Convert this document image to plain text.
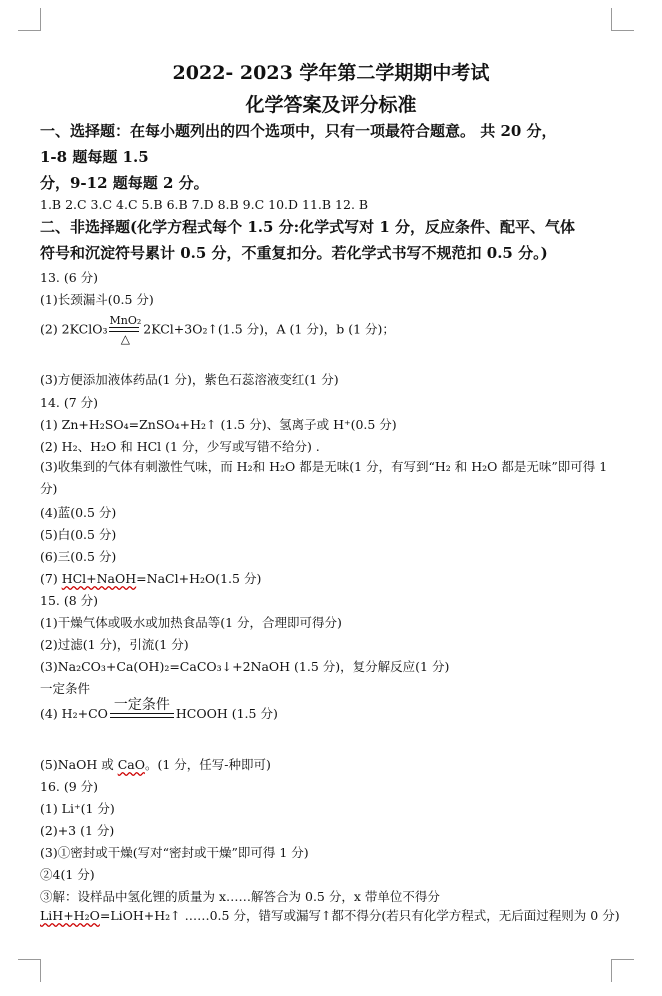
2022- 2023 学年第二学期期中考试
化学答案及评分标准
一、选择题：在每小题列出的四个选项中，只有一项最符合题意。 共 20 分，
1-8 题每题 1.5
分，9-12 题每题 2 分。
1.B 2.C 3.C 4.C 5.B 6.B 7.D 8.B 9.C 10.D 11.B 12. B
二、非选择题(化学方程式每个 1.5 分:化学式写对 1 分，反应条件、配平、气体
符号和沉淀符号累计 0.5 分，不重复扣分。若化学式书写不规范扣 0.5 分。)
13. (6 分)
(1)长颈漏斗(0.5 分)
(2) 2KClO₃
MnO₂
△
2KCl+3O₂↑(1.5 分)，A (1 分)，b (1 分)；
(3)方便添加液体药品(1 分)，紫色石蕊溶液变红(1 分)
14. (7 分)
(1) Zn+H₂SO₄=ZnSO₄+H₂↑ (1.5 分)、氢离子或 H⁺(0.5 分)
(2) H₂、H₂O 和 HCl (1 分，少写或写错不给分) .
(3)收集到的气体有刺激性气味，而 H₂和 H₂O 都是无味(1 分，有写到“H₂ 和 H₂O 都是无味”即可得 1 分)
(4)蓝(0.5 分)
(5)白(0.5 分)
(6)三(0.5 分)
(7) HCl+NaOH=NaCl+H₂O(1.5 分)
15. (8 分)
(1)干燥气体或吸水或加热食品等(1 分，合理即可得分)
(2)过滤(1 分)，引流(1 分)
(3)Na₂CO₃+Ca(OH)₂=CaCO₃↓+2NaOH (1.5 分)，复分解反应(1 分)
一定条件
(4) H₂+CO
一定条件

HCOOH (1.5 分)
(5)NaOH 或 CaO。(1 分，任写-种即可)
16. (9 分)
(1) Li⁺(1 分)
(2)+3 (1 分)
(3)①密封或干燥(写对“密封或干燥”即可得 1 分)
②4(1 分)
③解：设样品中氢化锂的质量为 x……解答合为 0.5 分，x 带单位不得分
LiH+H₂O=LiOH+H₂↑ ……0.5 分，错写或漏写↑都不得分(若只有化学方程式，无后面过程则为 0 分)
